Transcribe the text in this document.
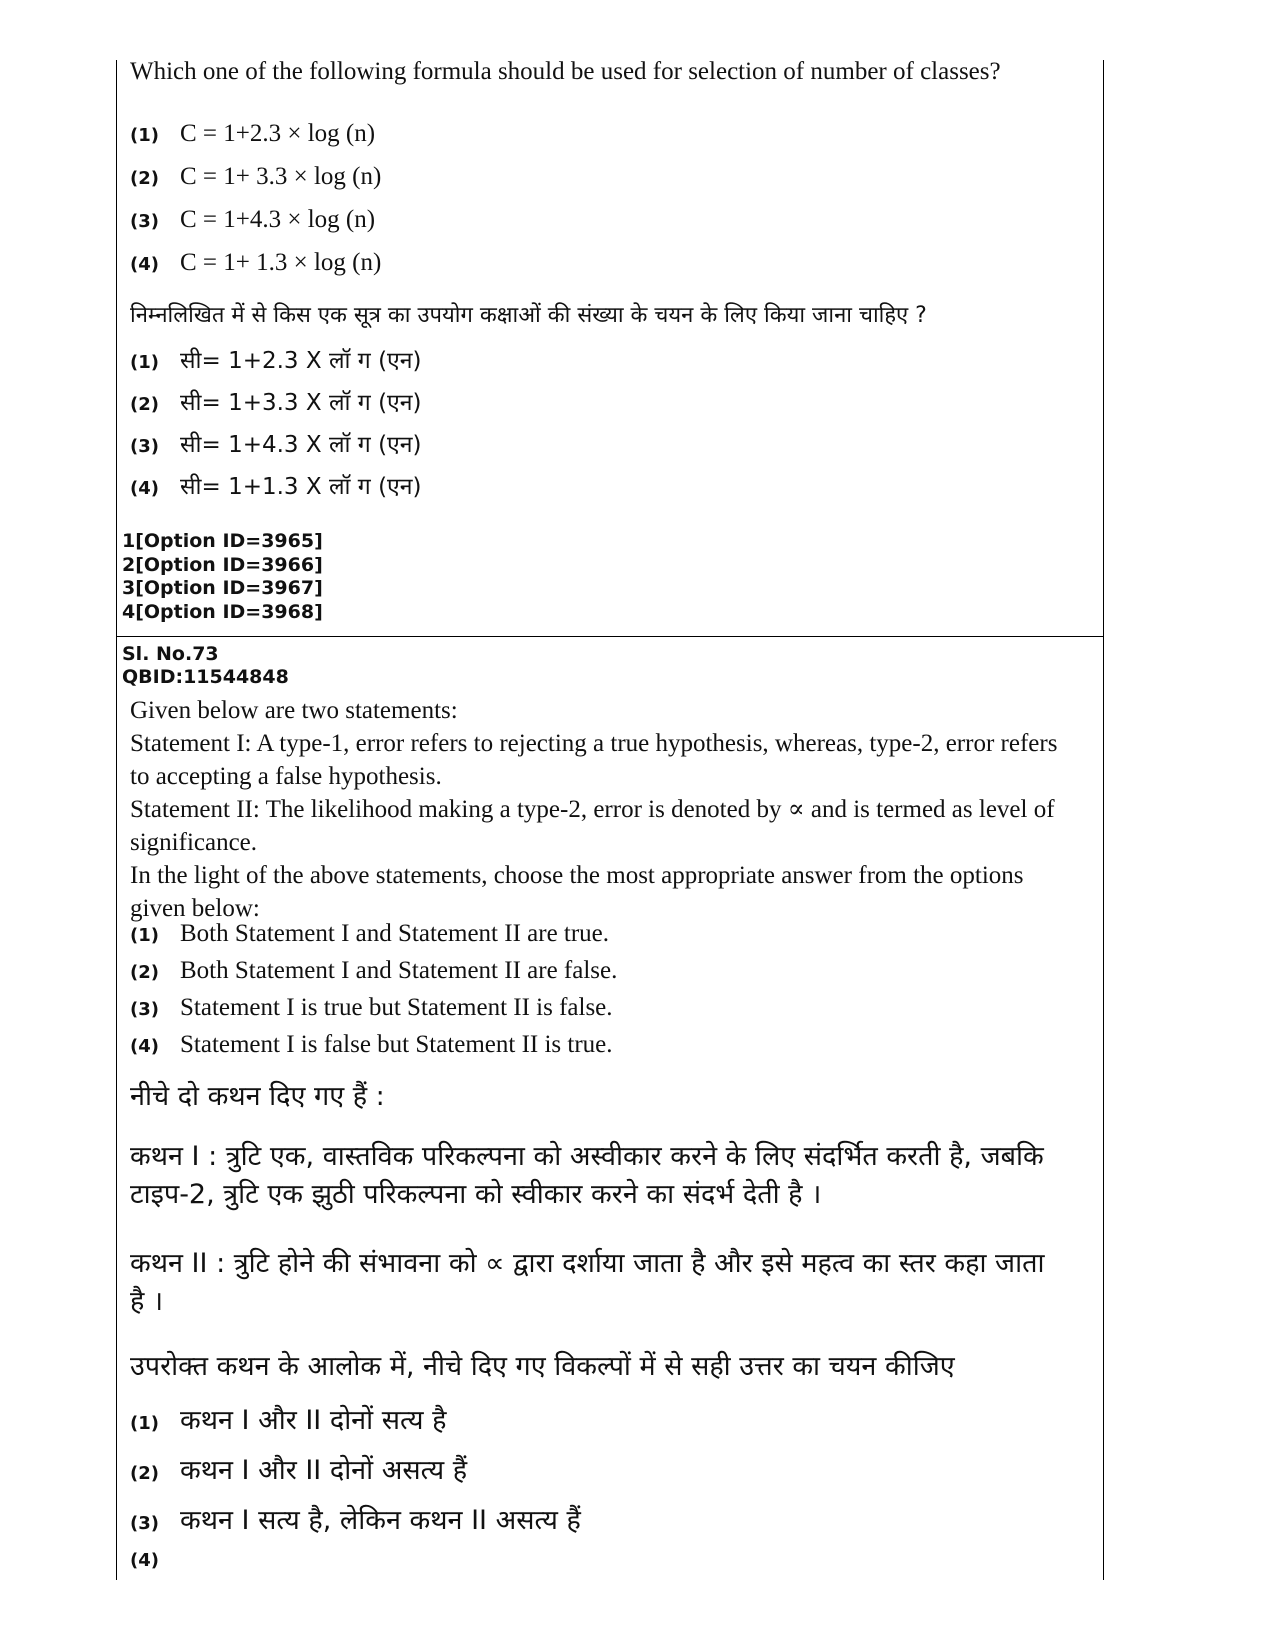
Which one of the following formula should be used for selection of number of classes?
(1) C = 1+2.3 × log (n)
(2) C = 1+ 3.3 × log (n)
(3) C = 1+4.3 × log (n)
(4) C = 1+ 1.3 × log (n)
निम्नलिखित में से किस एक सूत्र का उपयोग कक्षाओं की संख्या के चयन के लिए किया जाना चाहिए ?
(1) सी= 1+2.3 X लॉ ग (एन)
(2) सी= 1+3.3 X लॉ ग (एन)
(3) सी= 1+4.3 X लॉ ग (एन)
(4) सी= 1+1.3 X लॉ ग (एन)
1[Option ID=3965]
2[Option ID=3966]
3[Option ID=3967]
4[Option ID=3968]
Sl. No.73
QBID:11544848
Given below are two statements:
Statement I: A type-1, error refers to rejecting a true hypothesis, whereas, type-2, error refers to accepting a false hypothesis.
Statement II: The likelihood making a type-2, error is denoted by ∝ and is termed as level of significance.
In the light of the above statements, choose the most appropriate answer from the options given below:
(1) Both Statement I and Statement II are true.
(2) Both Statement I and Statement II are false.
(3) Statement I is true but Statement II is false.
(4) Statement I is false but Statement II is true.
नीचे दो कथन दिए गए हैं :
कथन I : त्रुटि एक, वास्तविक परिकल्पना को अस्वीकार करने के लिए संदर्भित करती है, जबकि टाइप-2, त्रुटि एक झुठी परिकल्पना को स्वीकार करने का संदर्भ देती है ।
कथन II : त्रुटि होने की संभावना को ∝ द्वारा दर्शाया जाता है और इसे महत्व का स्तर कहा जाता है ।
उपरोक्त कथन के आलोक में, नीचे दिए गए विकल्पों में से सही उत्तर का चयन कीजिए
(1) कथन I और II दोनों सत्य है
(2) कथन I और II दोनों असत्य हैं
(3) कथन I सत्य है, लेकिन कथन II असत्य हैं
(4)
